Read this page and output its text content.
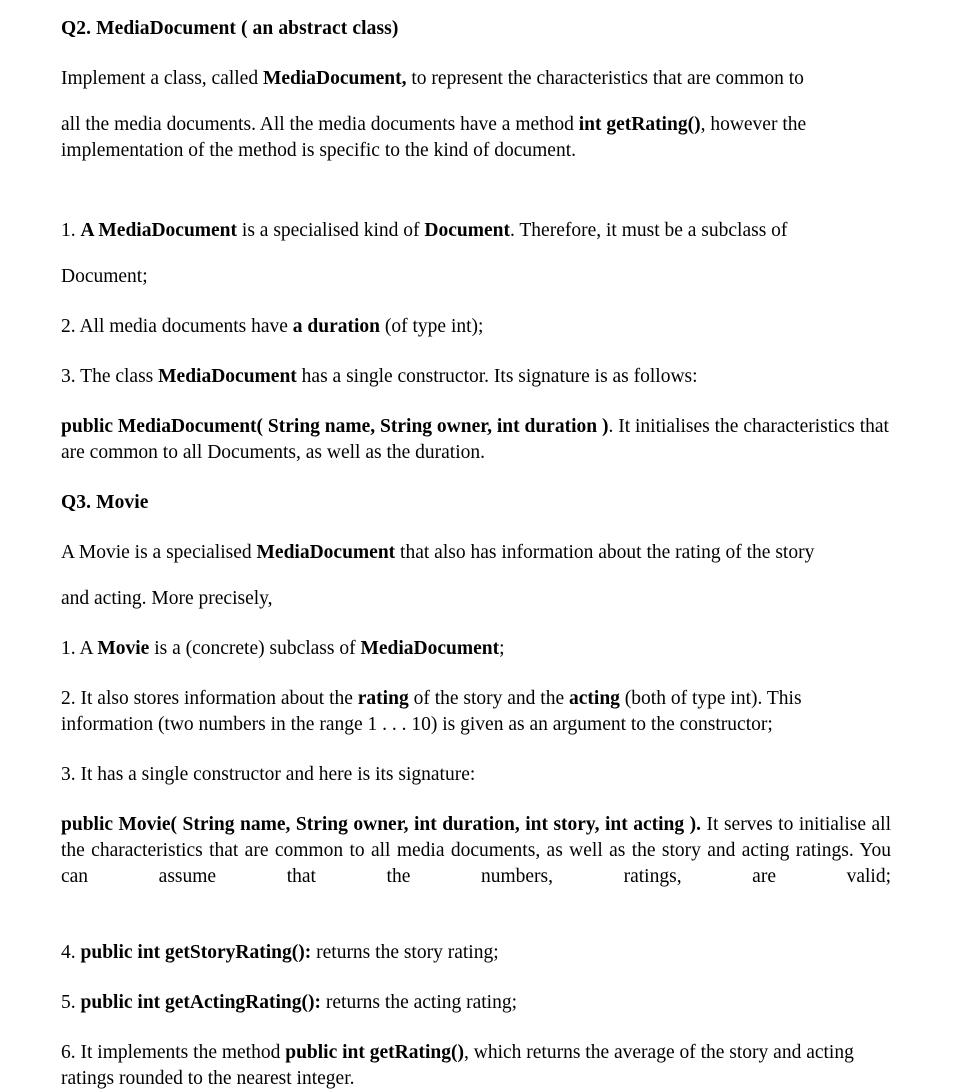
Q2. MediaDocument ( an abstract class)
Implement a class, called MediaDocument, to represent the characteristics that are common to
all the media documents. All the media documents have a method int getRating(), however the implementation of the method is specific to the kind of document.
1. A MediaDocument is a specialised kind of Document. Therefore, it must be a subclass of
Document;
2. All media documents have a duration (of type int);
3. The class MediaDocument has a single constructor. Its signature is as follows:
public MediaDocument( String name, String owner, int duration ). It initialises the characteristics that are common to all Documents, as well as the duration.
Q3. Movie
A Movie is a specialised MediaDocument that also has information about the rating of the story
and acting. More precisely,
1. A Movie is a (concrete) subclass of MediaDocument;
2. It also stores information about the rating of the story and the acting (both of type int). This information (two numbers in the range 1 . . . 10) is given as an argument to the constructor;
3. It has a single constructor and here is its signature:
public Movie( String name, String owner, int duration, int story, int acting ). It serves to initialise all the characteristics that are common to all media documents, as well as the story and acting ratings. You can assume that the numbers, ratings, are valid;
4. public int getStoryRating(): returns the story rating;
5. public int getActingRating(): returns the acting rating;
6. It implements the method public int getRating(), which returns the average of the story and acting ratings rounded to the nearest integer.
